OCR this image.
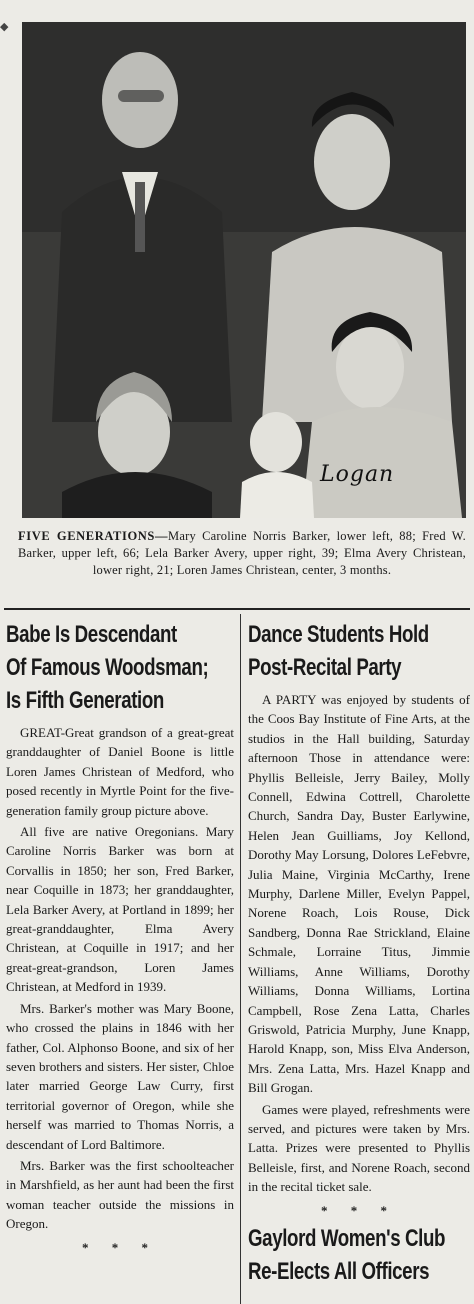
◆
Logan
FIVE GENERATIONS—Mary Caroline Norris Barker, lower left, 88; Fred W. Barker, upper left, 66; Lela Barker Avery, upper right, 39; Elma Avery Christean, lower right, 21; Loren James Christean, center, 3 months.
Babe Is Descendant
Of Famous Woodsman;
Is Fifth Generation

GREAT-Great grandson of a great-great granddaughter of Daniel Boone is little Loren James Christean of Medford, who posed recently in Myrtle Point for the five-generation family group picture above.

All five are native Oregonians. Mary Caroline Norris Barker was born at Corvallis in 1850; her son, Fred Barker, near Coquille in 1873; her granddaughter, Lela Barker Avery, at Portland in 1899; her great-granddaughter, Elma Avery Christean, at Coquille in 1917; and her great-great-grandson, Loren James Christean, at Medford in 1939.

Mrs. Barker's mother was Mary Boone, who crossed the plains in 1846 with her father, Col. Alphonso Boone, and six of her seven brothers and sisters. Her sister, Chloe later married George Law Curry, first territorial governor of Oregon, while she herself was married to Thomas Norris, a descendant of Lord Baltimore.

Mrs. Barker was the first schoolteacher in Marshfield, as her aunt had been the first woman teacher outside the missions in Oregon.

* * *
Dance Students Hold
Post-Recital Party

A PARTY was enjoyed by students of the Coos Bay Institute of Fine Arts, at the studios in the Hall building, Saturday afternoon Those in attendance were: Phyllis Belleisle, Jerry Bailey, Molly Connell, Edwina Cottrell, Charolette Church, Sandra Day, Buster Earlywine, Helen Jean Guilliams, Joy Kellond, Dorothy May Lorsung, Dolores LeFebvre, Julia Maine, Virginia McCarthy, Irene Murphy, Darlene Miller, Evelyn Pappel, Norene Roach, Lois Rouse, Dick Sandberg, Donna Rae Strickland, Elaine Schmale, Lorraine Titus, Jimmie Williams, Anne Williams, Dorothy Williams, Donna Williams, Lortina Campbell, Rose Zena Latta, Charles Griswold, Patricia Murphy, June Knapp, Harold Knapp, son, Miss Elva Anderson, Mrs. Zena Latta, Mrs. Hazel Knapp and Bill Grogan.

Games were played, refreshments were served, and pictures were taken by Mrs. Latta. Prizes were presented to Phyllis Belleisle, first, and Norene Roach, second in the recital ticket sale.

* * *
Gaylord Women's Club
Re-Elects All Officers
